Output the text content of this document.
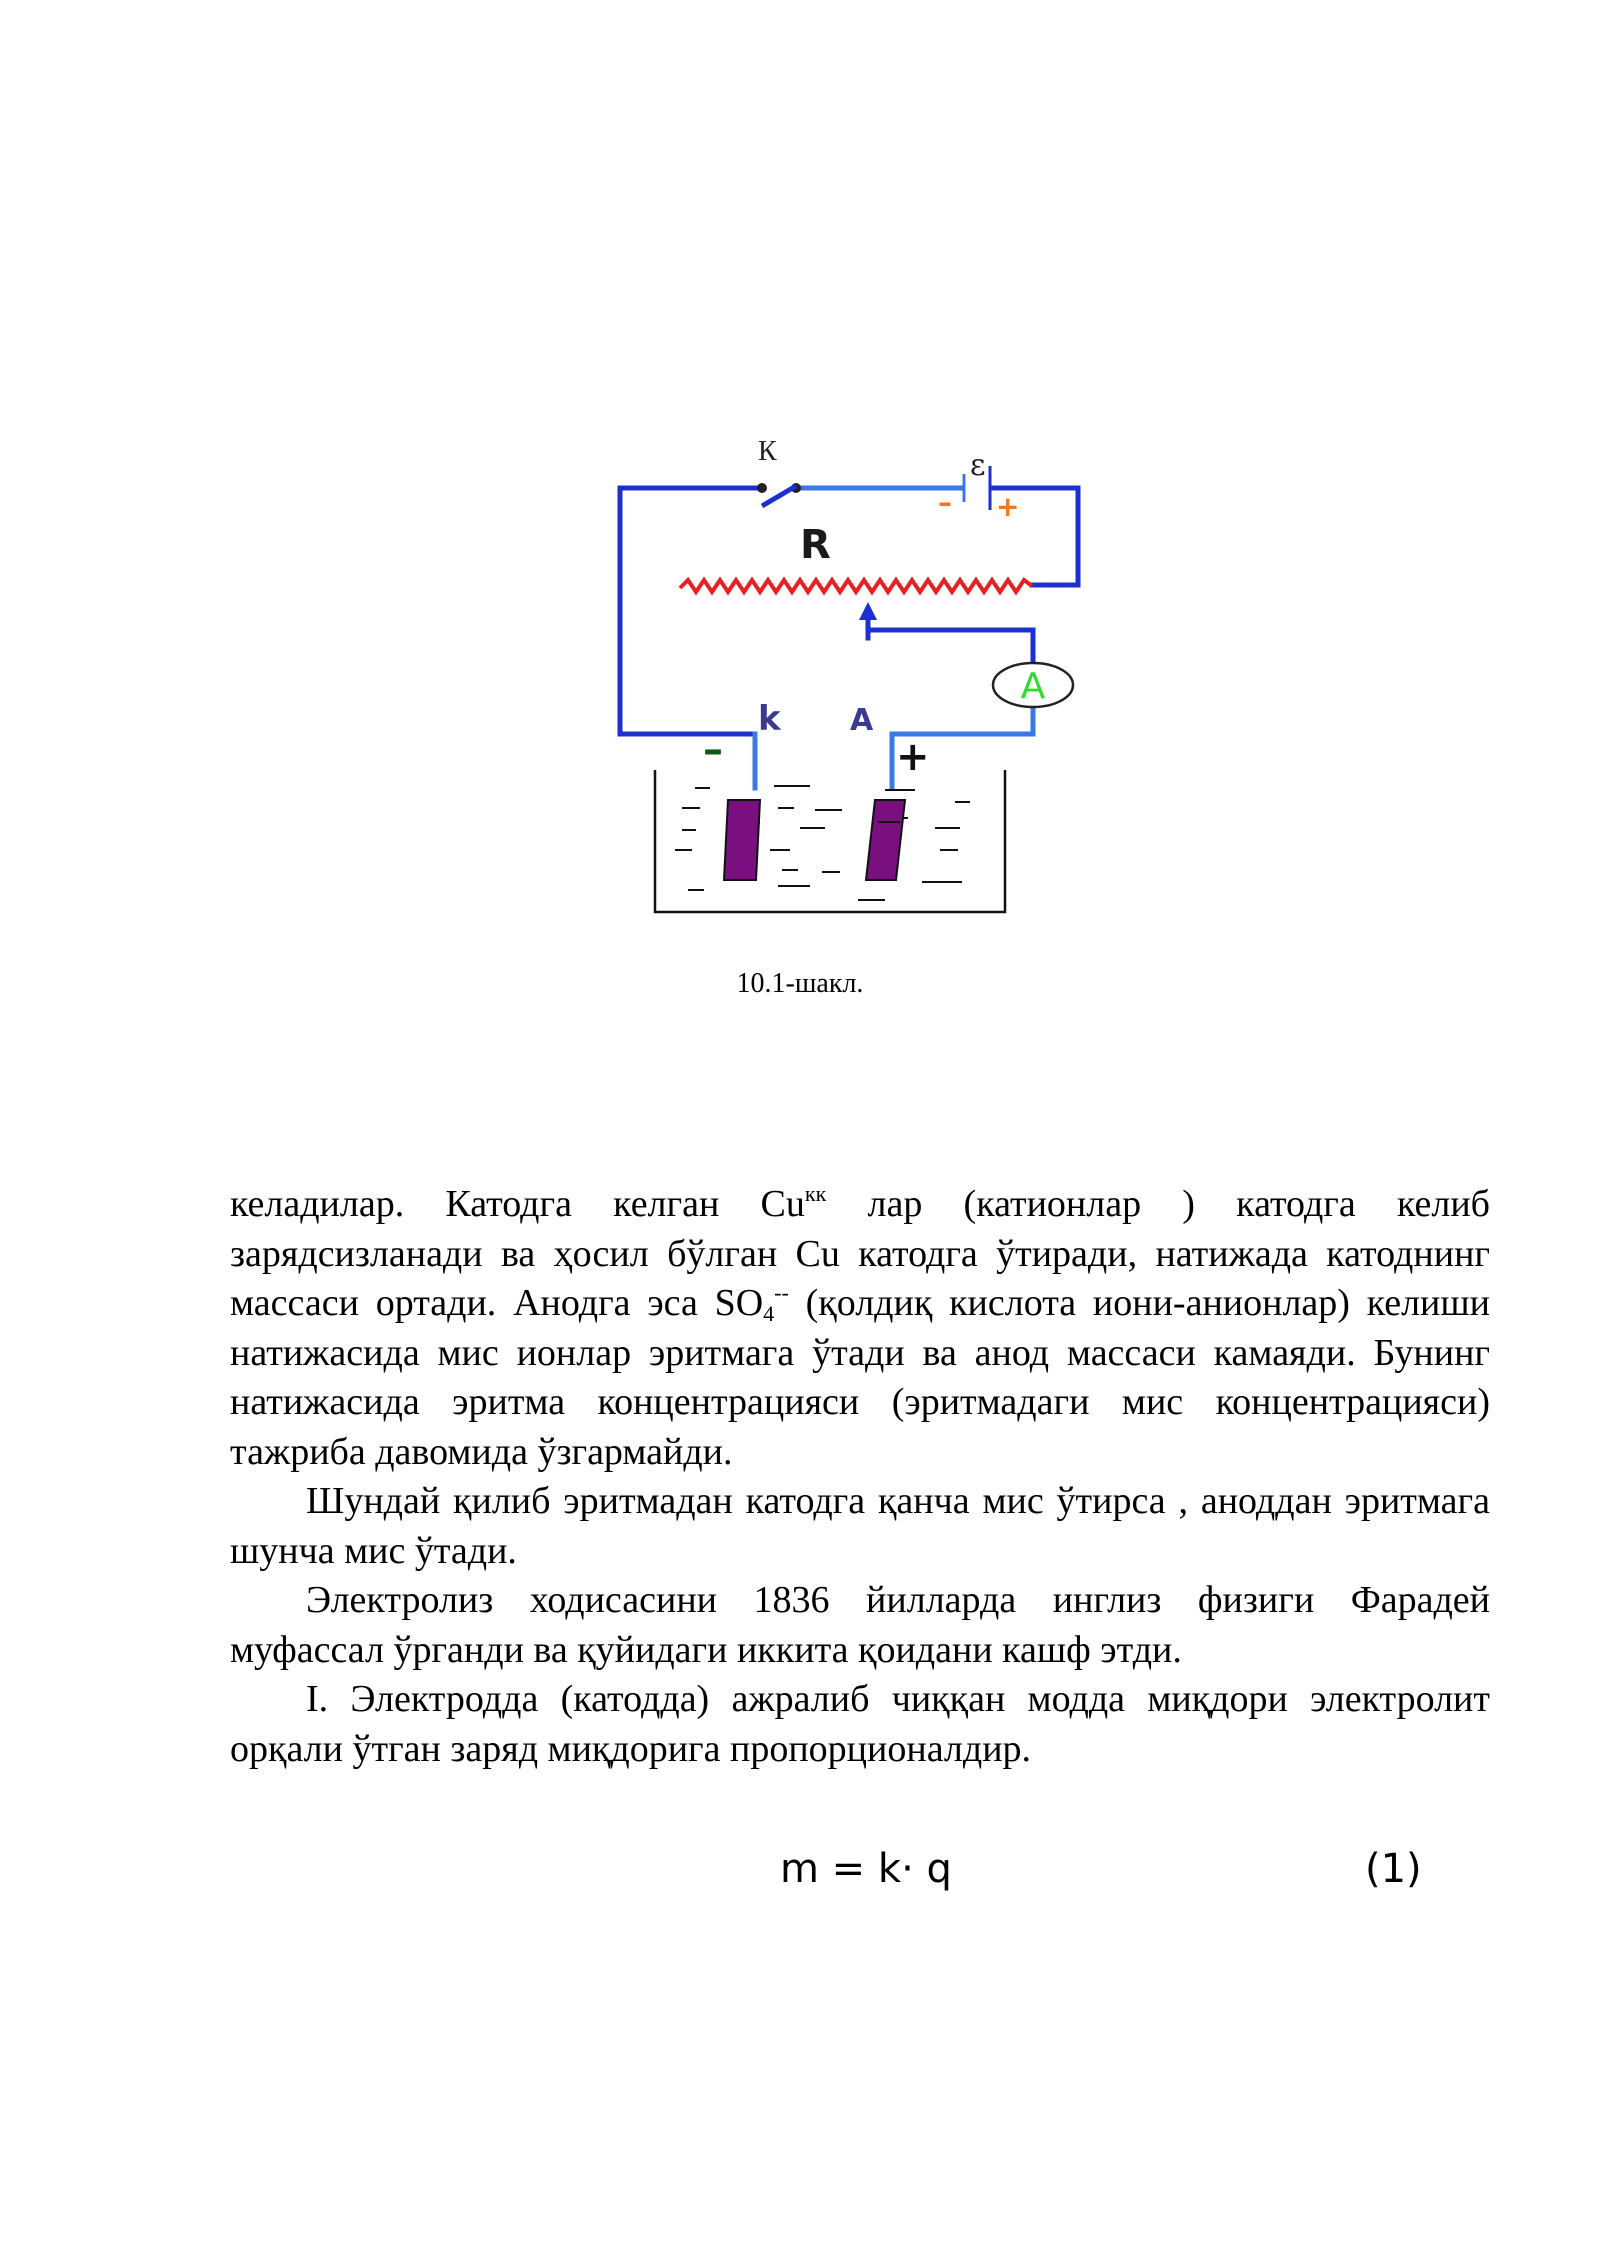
К	ε
– +
R
A
k A
–	+
10.1-шакл.

келадилар. Катодга келган $Cu^{кк}$ лар (катионлар ) катодга келиб зарядсизланади ва ҳосил бўлган Cu катодга ўтиради, натижада катоднинг массаси ортади. Анодга эса $SO_4^{--}$ (қолдиқ кислота иони-анионлар) келиши натижасида мис ионлар эритмага ўтади ва анод массаси камаяди. Бунинг натижасида эритма концентрацияси (эритмадаги мис концентрацияси) тажриба давомида ўзгармайди.

Шундай қилиб эритмадан катодга қанча мис ўтирса , аноддан эритмага шунча мис ўтади.

Электролиз ходисасини 1836 йилларда инглиз физиги Фарадей муфассал ўрганди ва қуйидаги иккита қоидани кашф этди.

I. Электродда (катодда) ажралиб чиққан модда миқдори электролит орқали ўтган заряд миқдорига пропорционалдир.

m = k· q	(1)
